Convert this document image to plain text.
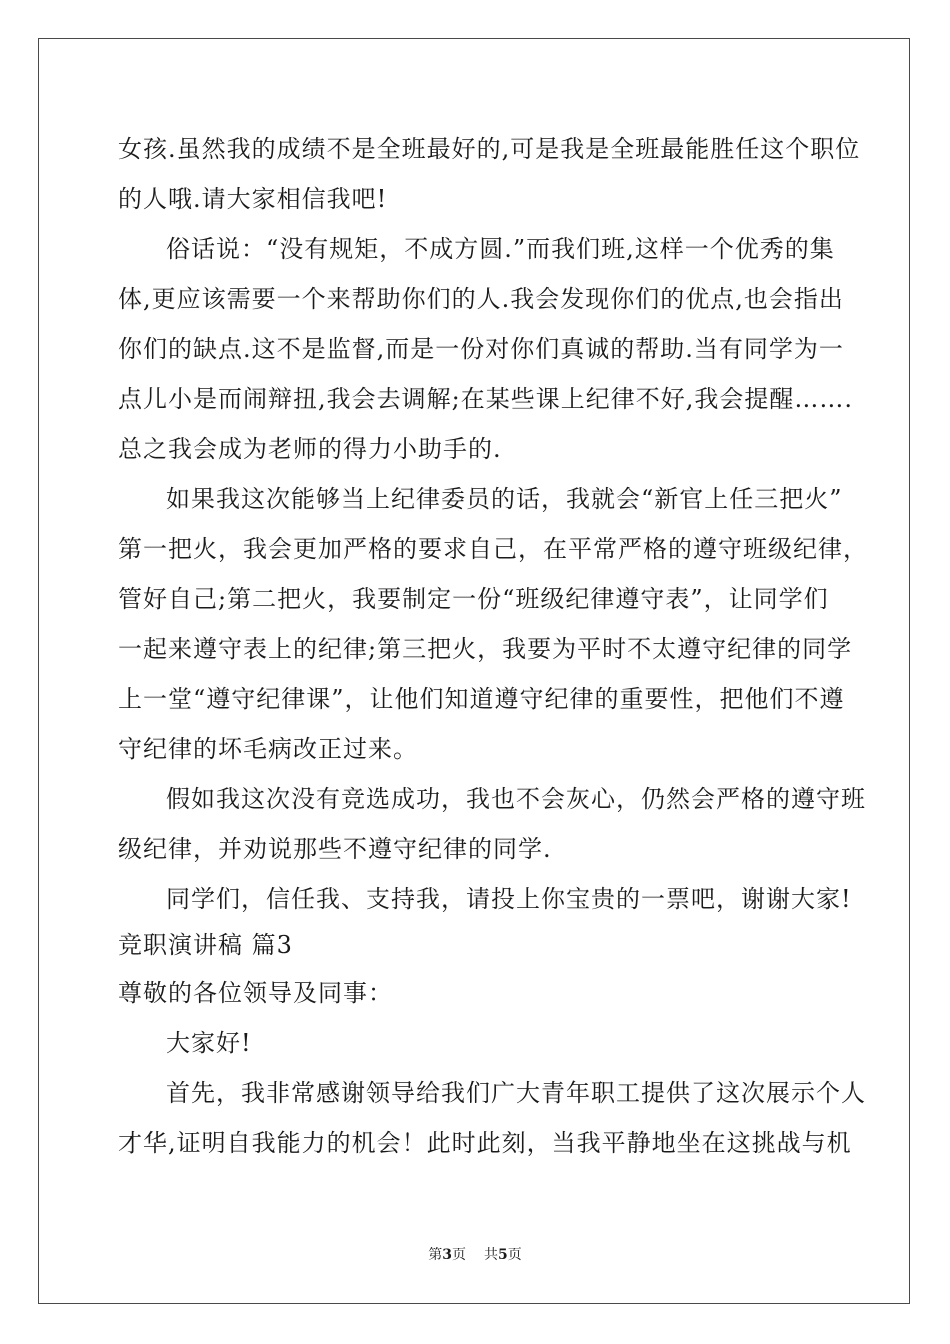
女孩.虽然我的成绩不是全班最好的,可是我是全班最能胜任这个职位
的人哦.请大家相信我吧!
俗话说：“没有规矩，不成方圆.”而我们班,这样一个优秀的集
体,更应该需要一个来帮助你们的人.我会发现你们的优点,也会指出
你们的缺点.这不是监督,而是一份对你们真诚的帮助.当有同学为一
点儿小是而闹辩扭,我会去调解;在某些课上纪律不好,我会提醒…….
总之我会成为老师的得力小助手的.
如果我这次能够当上纪律委员的话，我就会“新官上任三把火”
第一把火，我会更加严格的要求自己，在平常严格的遵守班级纪律，
管好自己;第二把火，我要制定一份“班级纪律遵守表”，让同学们
一起来遵守表上的纪律;第三把火，我要为平时不太遵守纪律的同学
上一堂“遵守纪律课”，让他们知道遵守纪律的重要性，把他们不遵
守纪律的坏毛病改正过来。
假如我这次没有竞选成功，我也不会灰心，仍然会严格的遵守班
级纪律，并劝说那些不遵守纪律的同学.
同学们，信任我、支持我，请投上你宝贵的一票吧，谢谢大家!
竞职演讲稿 篇3
尊敬的各位领导及同事：
大家好!
首先，我非常感谢领导给我们广大青年职工提供了这次展示个人
才华,证明自我能力的机会！此时此刻，当我平静地坐在这挑战与机
第3页 共5页
